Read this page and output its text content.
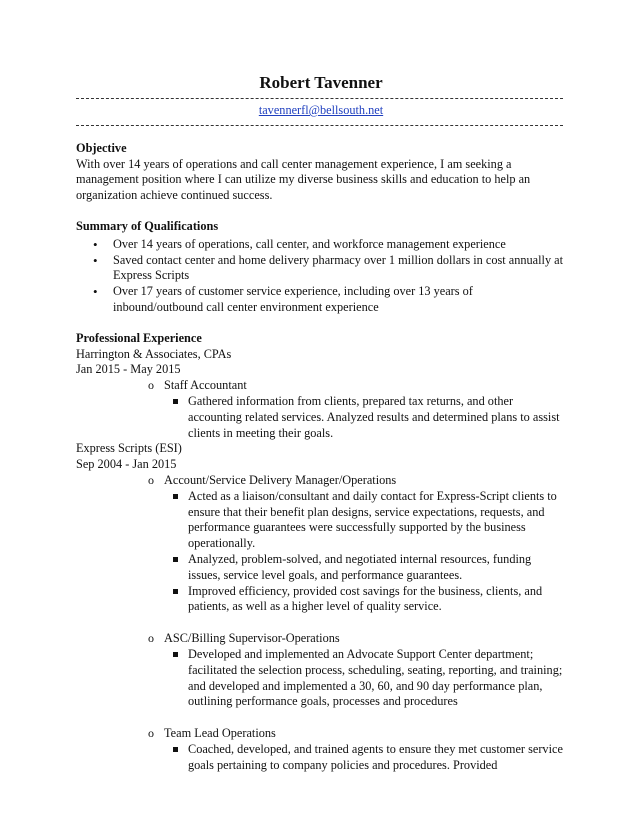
Robert Tavenner
tavennerfl@bellsouth.net
Objective

With over 14 years of operations and call center management experience, I am seeking a management position where I can utilize my diverse business skills and education to help an organization achieve continued success.

Summary of Qualifications
• Over 14 years of operations, call center, and workforce management experience
• Saved contact center and home delivery pharmacy over 1 million dollars in cost annually at Express Scripts
• Over 17 years of customer service experience, including over 13 years of inbound/outbound call center environment experience
Professional Experience

Harrington & Associates, CPAs

Jan 2015 - May 2015

o Staff Accountant
Gathered information from clients, prepared tax returns, and other accounting related services. Analyzed results and determined plans to assist clients in meeting their goals.

Express Scripts (ESI)

Sep 2004 - Jan 2015

o Account/Service Delivery Manager/Operations
Acted as a liaison/consultant and daily contact for Express-Script clients to ensure that their benefit plan designs, service expectations, requests, and performance guarantees were successfully supported by the business operationally.
Analyzed, problem-solved, and negotiated internal resources, funding issues, service level goals, and performance guarantees.
Improved efficiency, provided cost savings for the business, clients, and patients, as well as a higher level of quality service.
o ASC/Billing Supervisor-Operations
Developed and implemented an Advocate Support Center department; facilitated the selection process, scheduling, seating, reporting, and training; and developed and implemented a 30, 60, and 90 day performance plan, outlining performance goals, processes and procedures
o Team Lead Operations
Coached, developed, and trained agents to ensure they met customer service goals pertaining to company policies and procedures. Provided
